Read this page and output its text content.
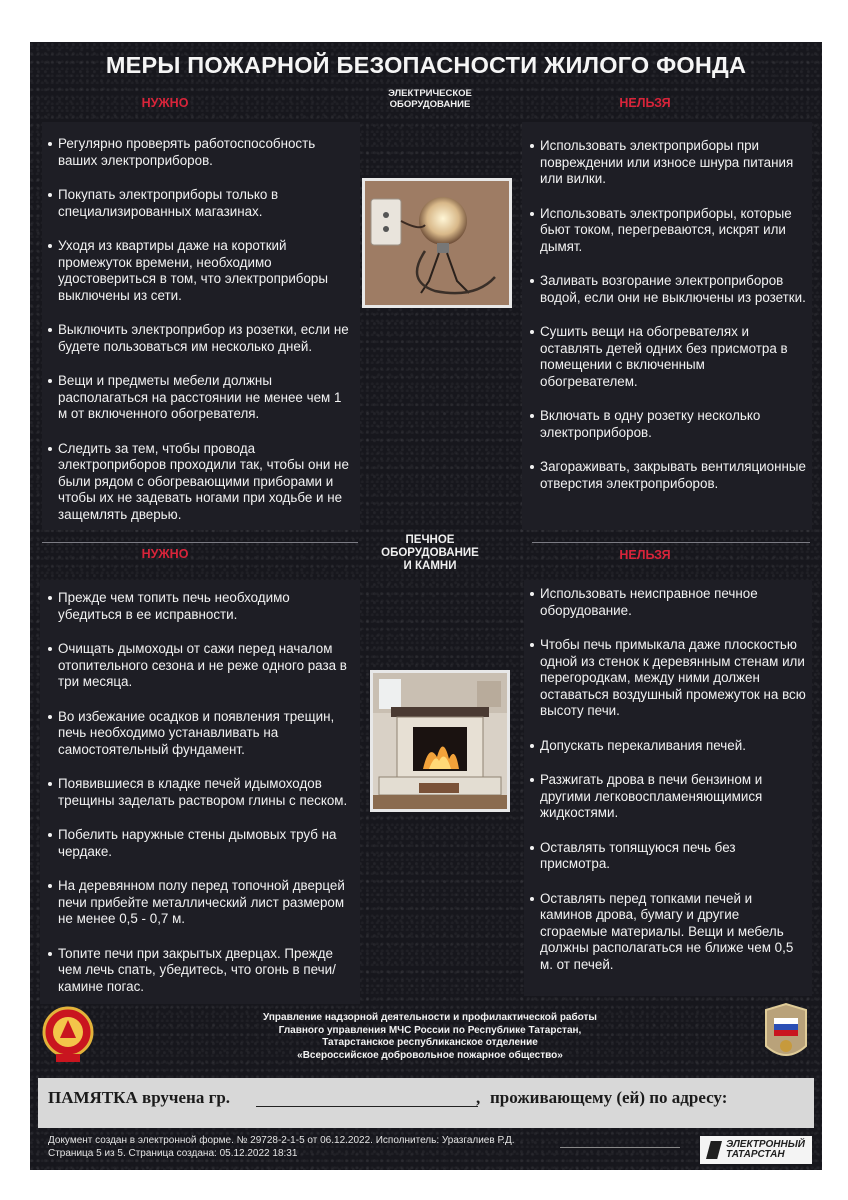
МЕРЫ ПОЖАРНОЙ БЕЗОПАСНОСТИ ЖИЛОГО ФОНДА
НУЖНО	НЕЛЬЗЯ
ЭЛЕКТРИЧЕСКОЕ
ОБОРУДОВАНИЕ
Регулярно проверять работоспособность ваших электроприборов.
Покупать электроприборы только в специализированных магазинах.
Уходя из квартиры даже на короткий промежуток времени, необходимо удостовериться в том, что электроприборы выключены из сети.
Выключить электроприбор из розетки, если не будете пользоваться им несколько дней.
Вещи и предметы мебели должны располагаться на расстоянии не менее чем 1 м от включенного обогревателя.
Следить за тем, чтобы провода электроприборов проходили так, чтобы они не были рядом с обогревающими приборами и чтобы их не задевать ногами при ходьбе и не защемлять дверью.
Использовать электроприборы при повреждении или износе шнура питания или вилки.
Использовать электроприборы, которые бьют током, перегреваются, искрят или дымят.
Заливать возгорание электроприборов водой, если они не выключены из розетки.
Сушить вещи на обогревателях и оставлять детей одних без присмотра в помещении с включенным обогревателем.
Включать в одну розетку несколько электроприборов.
Загораживать, закрывать вентиляционные отверстия электроприборов.
НУЖНО	НЕЛЬЗЯ
ПЕЧНОЕ
ОБОРУДОВАНИЕ
И КАМНИ
Прежде чем топить печь необходимо убедиться в ее исправности.
Очищать дымоходы от сажи перед началом отопительного сезона и не реже одного раза в три месяца.
Во избежание осадков и появления трещин, печь необходимо устанавливать на самостоятельный фундамент.
Появившиеся в кладке печей идымоходов трещины заделать раствором глины с песком.
Побелить наружные стены дымовых труб на чердаке.
На деревянном полу перед топочной дверцей печи прибейте металлический лист размером не менее 0,5 - 0,7 м.
Топите печи при закрытых дверцах. Прежде чем лечь спать, убедитесь, что огонь в печи/камине погас.
Использовать неисправное печное оборудование.
Чтобы печь примыкала даже плоскостью одной из стенок к деревянным стенам или перегородкам, между ними должен оставаться воздушный промежуток на всю высоту печи.
Допускать перекаливания печей.
Разжигать дрова в печи бензином и другими легковоспламеняющимися жидкостями.
Оставлять топящуюся печь без присмотра.
Оставлять перед топками печей и каминов дрова, бумагу и другие сгораемые материалы. Вещи и мебель должны располагаться не ближе чем 0,5 м. от печей.
Управление надзорной деятельности и профилактической работы
Главного управления МЧС России по Республике Татарстан,
Татарстанское республиканское отделение
«Всероссийское добровольное пожарное общество»
ПАМЯТКА вручена гр.	, проживающему (ей) по адресу:
Документ создан в электронной форме. № 29728-2-1-5 от 06.12.2022. Исполнитель: Уразгалиев Р.Д.
Страница 5 из 5. Страница создана: 05.12.2022 18:31
ЭЛЕКТРОННЫЙ
ТАТАРСТАН
